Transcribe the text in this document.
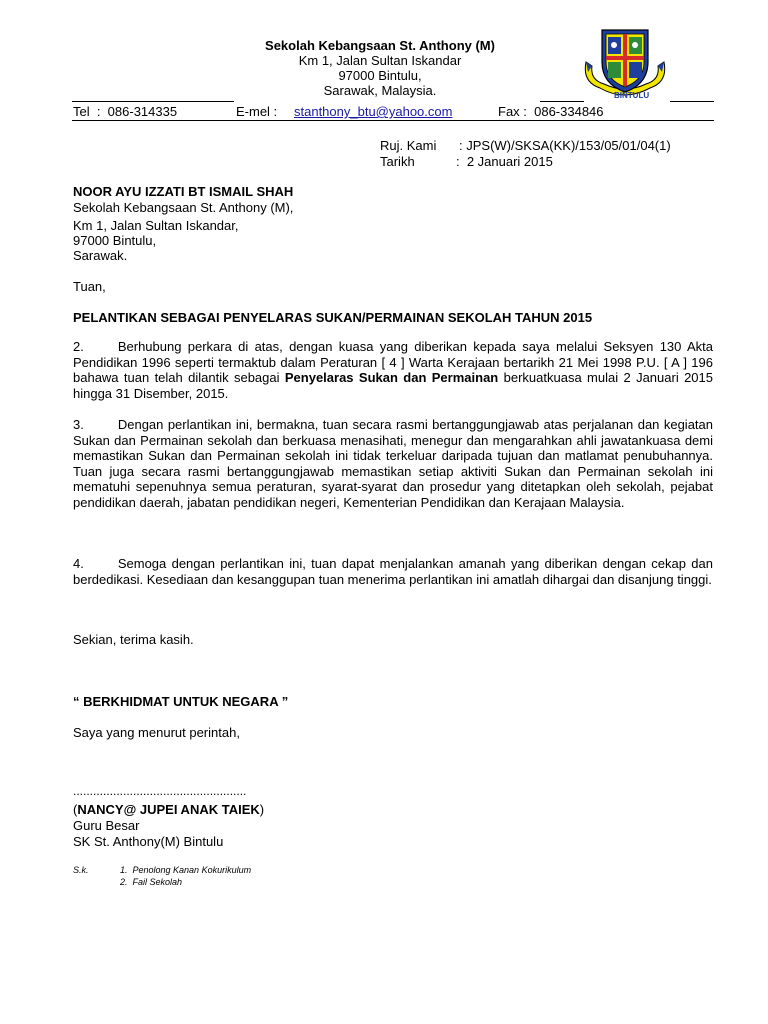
Sekolah Kebangsaan St. Anthony (M)
Km 1, Jalan Sultan Iskandar
97000 Bintulu,
Sarawak, Malaysia.	BINTULU
Tel  :  086-314335	E-mel : stanthony_btu@yahoo.com	Fax :  086-334846
Ruj. Kami : JPS(W)/SKSA(KK)/153/05/01/04(1)
Tarikh	:  2 Januari 2015
NOOR AYU IZZATI BT ISMAIL SHAH
Sekolah Kebangsaan St. Anthony (M),
Km 1, Jalan Sultan Iskandar,
97000 Bintulu,
Sarawak.
Tuan,
PELANTIKAN SEBAGAI PENYELARAS SUKAN/PERMAINAN SEKOLAH TAHUN 2015
2.	Berhubung perkara di atas, dengan kuasa yang diberikan kepada saya melalui Seksyen 130 Akta Pendidikan 1996 seperti termaktub dalam Peraturan [ 4 ] Warta Kerajaan bertarikh 21 Mei 1998 P.U. [ A ] 196 bahawa tuan telah dilantik sebagai Penyelaras Sukan dan Permainan berkuatkuasa mulai 2 Januari 2015 hingga 31 Disember, 2015.
3.	Dengan perlantikan ini, bermakna, tuan secara rasmi bertanggungjawab atas perjalanan dan kegiatan Sukan dan Permainan sekolah dan berkuasa menasihati, menegur dan mengarahkan ahli jawatankuasa demi memastikan Sukan dan Permainan sekolah ini tidak terkeluar daripada tujuan dan matlamat penubuhannya. Tuan juga secara rasmi bertanggungjawab memastikan setiap aktiviti Sukan dan Permainan sekolah ini mematuhi sepenuhnya semua peraturan, syarat-syarat dan prosedur yang ditetapkan oleh sekolah, pejabat pendidikan daerah, jabatan pendidikan negeri, Kementerian Pendidikan dan Kerajaan Malaysia.
4.	Semoga dengan perlantikan ini, tuan dapat menjalankan amanah yang diberikan dengan cekap dan berdedikasi. Kesediaan dan kesanggupan tuan menerima perlantikan ini amatlah dihargai dan disanjung tinggi.
Sekian, terima kasih.
“ BERKHIDMAT UNTUK NEGARA ”
Saya yang menurut perintah,
....................................................
(NANCY@ JUPEI ANAK TAIEK)
Guru Besar
SK St. Anthony(M) Bintulu
S.k.	1.  Penolong Kanan Kokurikulum
2.  Fail Sekolah
